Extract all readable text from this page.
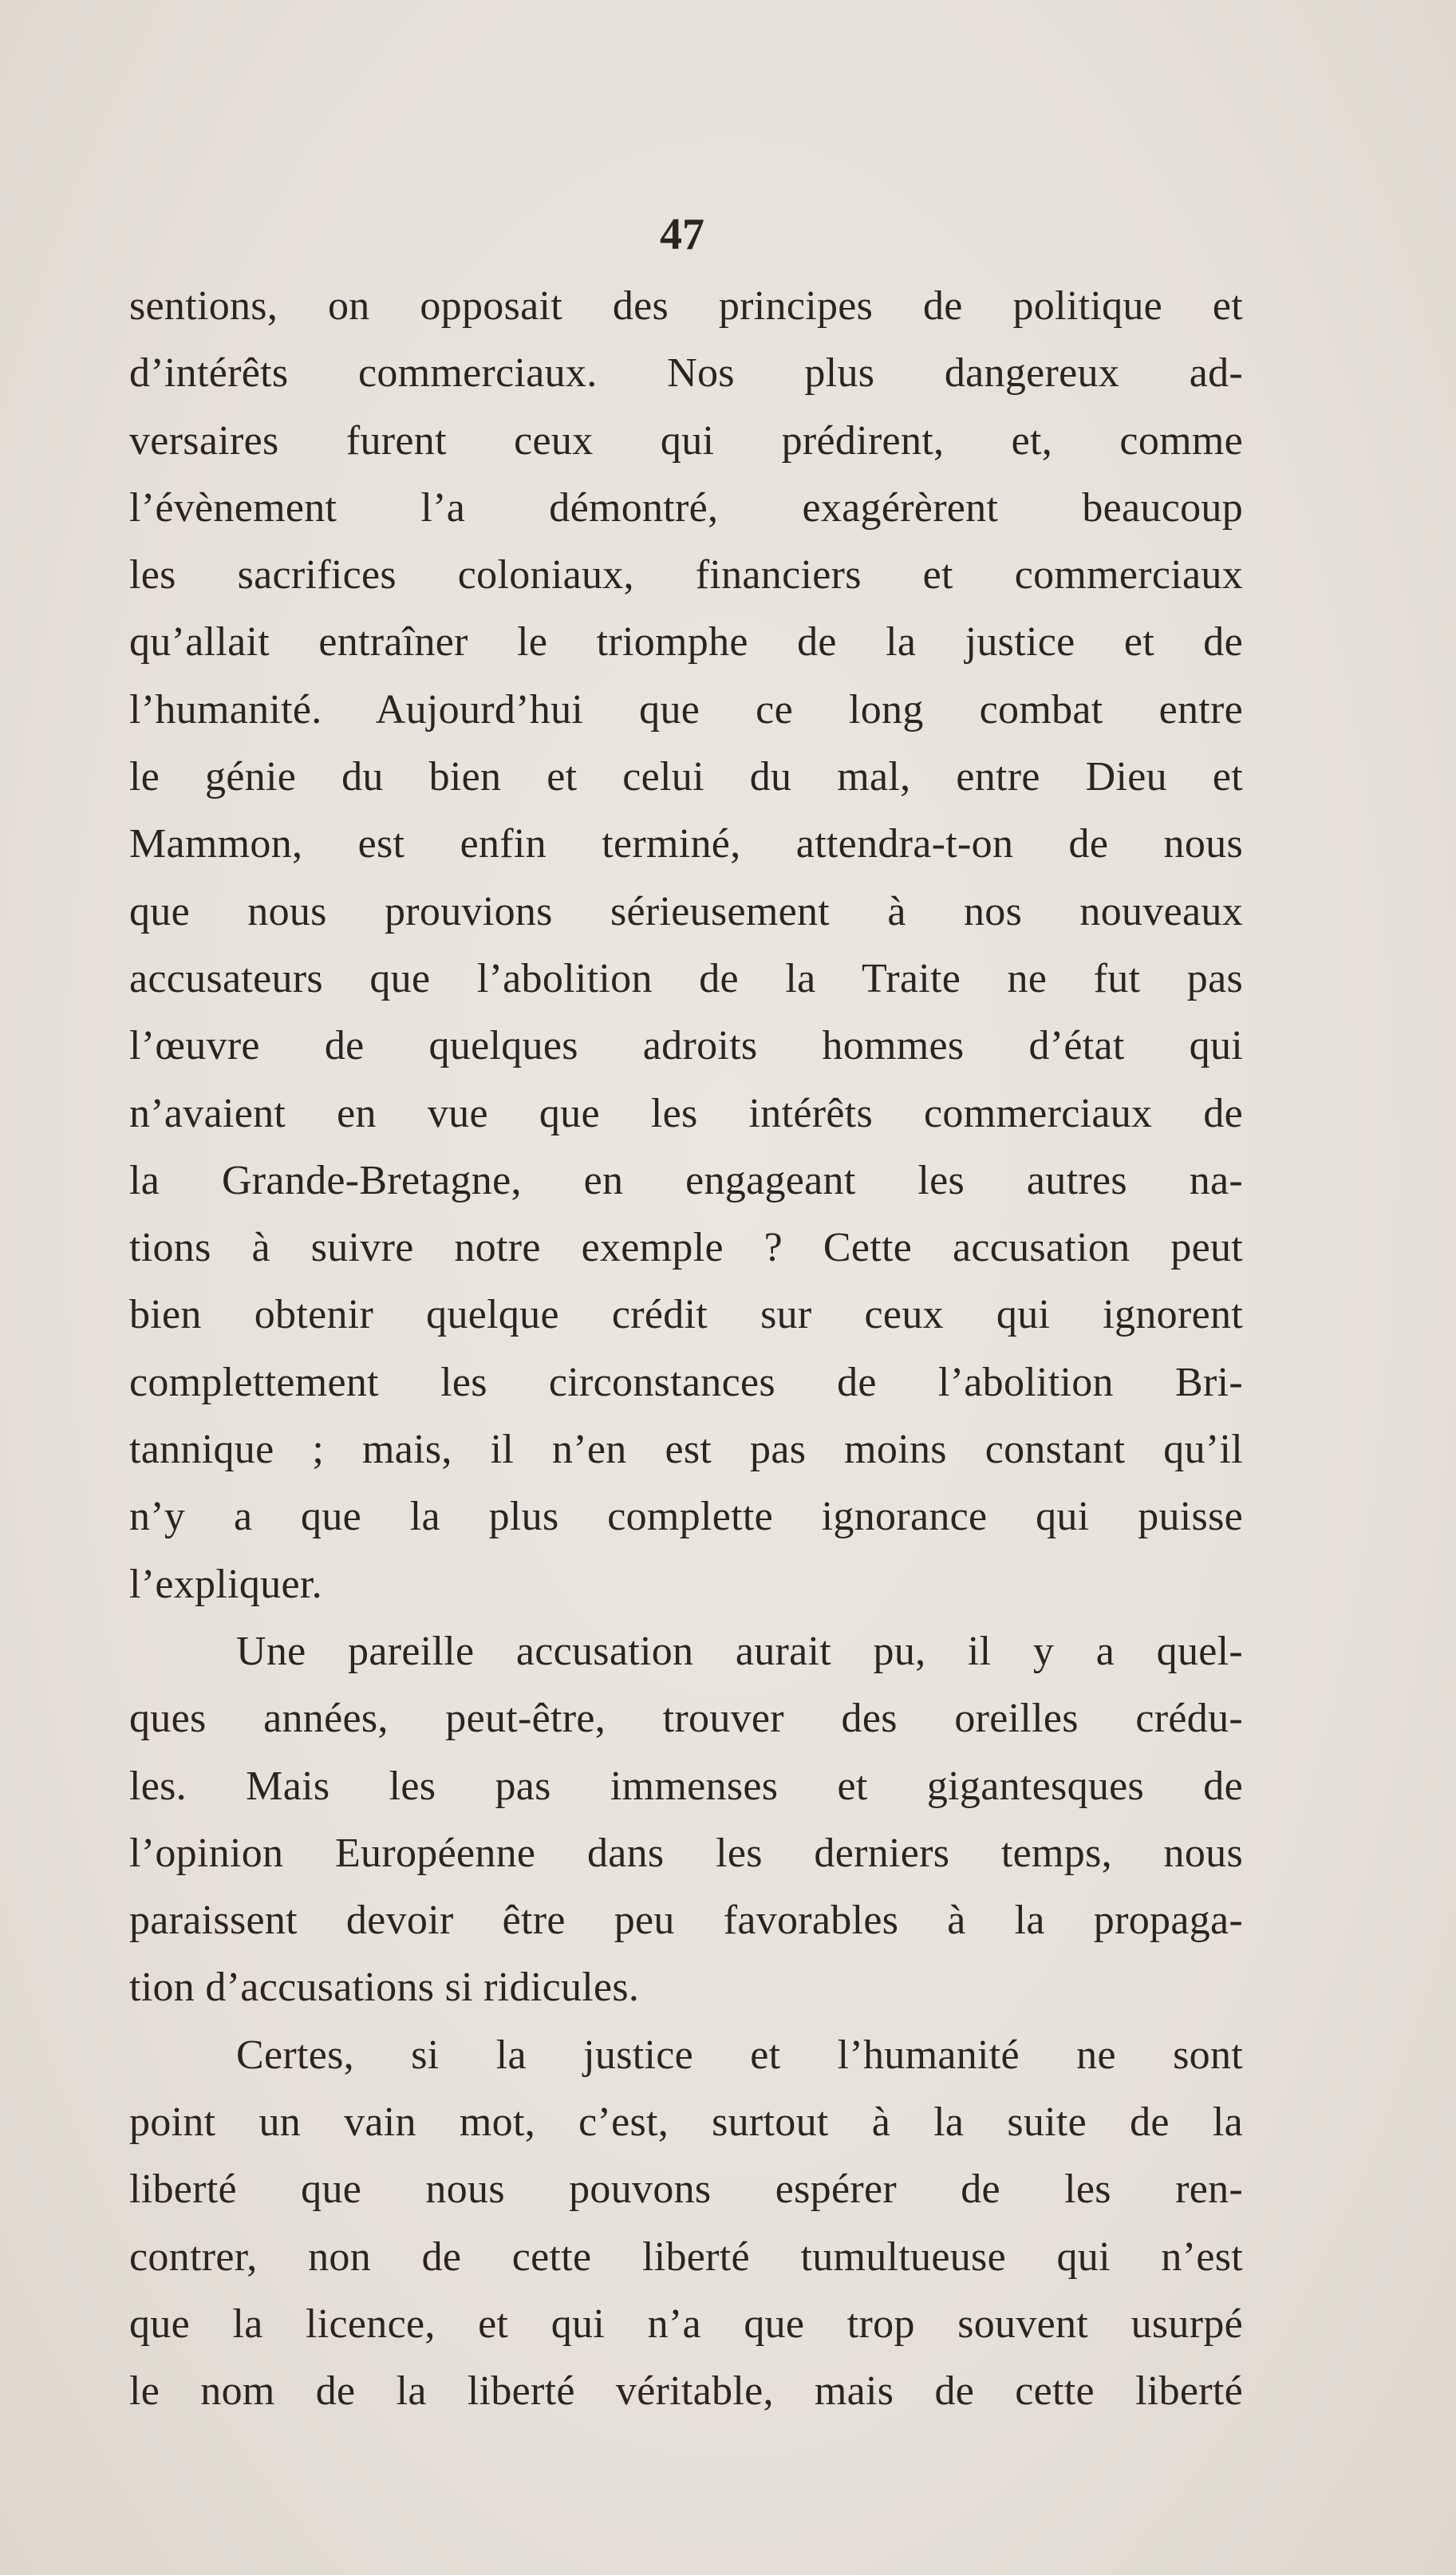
47
sentions, on opposait des principes de politique et
d’intérêts commerciaux. Nos plus dangereux ad-
versaires furent ceux qui prédirent, et, comme
l’évènement l’a démontré, exagérèrent beaucoup
les sacrifices coloniaux, financiers et commerciaux
qu’allait entraîner le triomphe de la justice et de
l’humanité. Aujourd’hui que ce long combat entre
le génie du bien et celui du mal, entre Dieu et
Mammon, est enfin terminé, attendra-t-on de nous
que nous prouvions sérieusement à nos nouveaux
accusateurs que l’abolition de la Traite ne fut pas
l’œuvre de quelques adroits hommes d’état qui
n’avaient en vue que les intérêts commerciaux de
la Grande-Bretagne, en engageant les autres na-
tions à suivre notre exemple ? Cette accusation peut
bien obtenir quelque crédit sur ceux qui ignorent
complettement les circonstances de l’abolition Bri-
tannique ; mais, il n’en est pas moins constant qu’il
n’y a que la plus complette ignorance qui puisse
l’expliquer.
Une pareille accusation aurait pu, il y a quel-
ques années, peut-être, trouver des oreilles crédu-
les. Mais les pas immenses et gigantesques de
l’opinion Européenne dans les derniers temps, nous
paraissent devoir être peu favorables à la propaga-
tion d’accusations si ridicules.
Certes, si la justice et l’humanité ne sont
point un vain mot, c’est, surtout à la suite de la
liberté que nous pouvons espérer de les ren-
contrer, non de cette liberté tumultueuse qui n’est
que la licence, et qui n’a que trop souvent usurpé
le nom de la liberté véritable, mais de cette liberté
